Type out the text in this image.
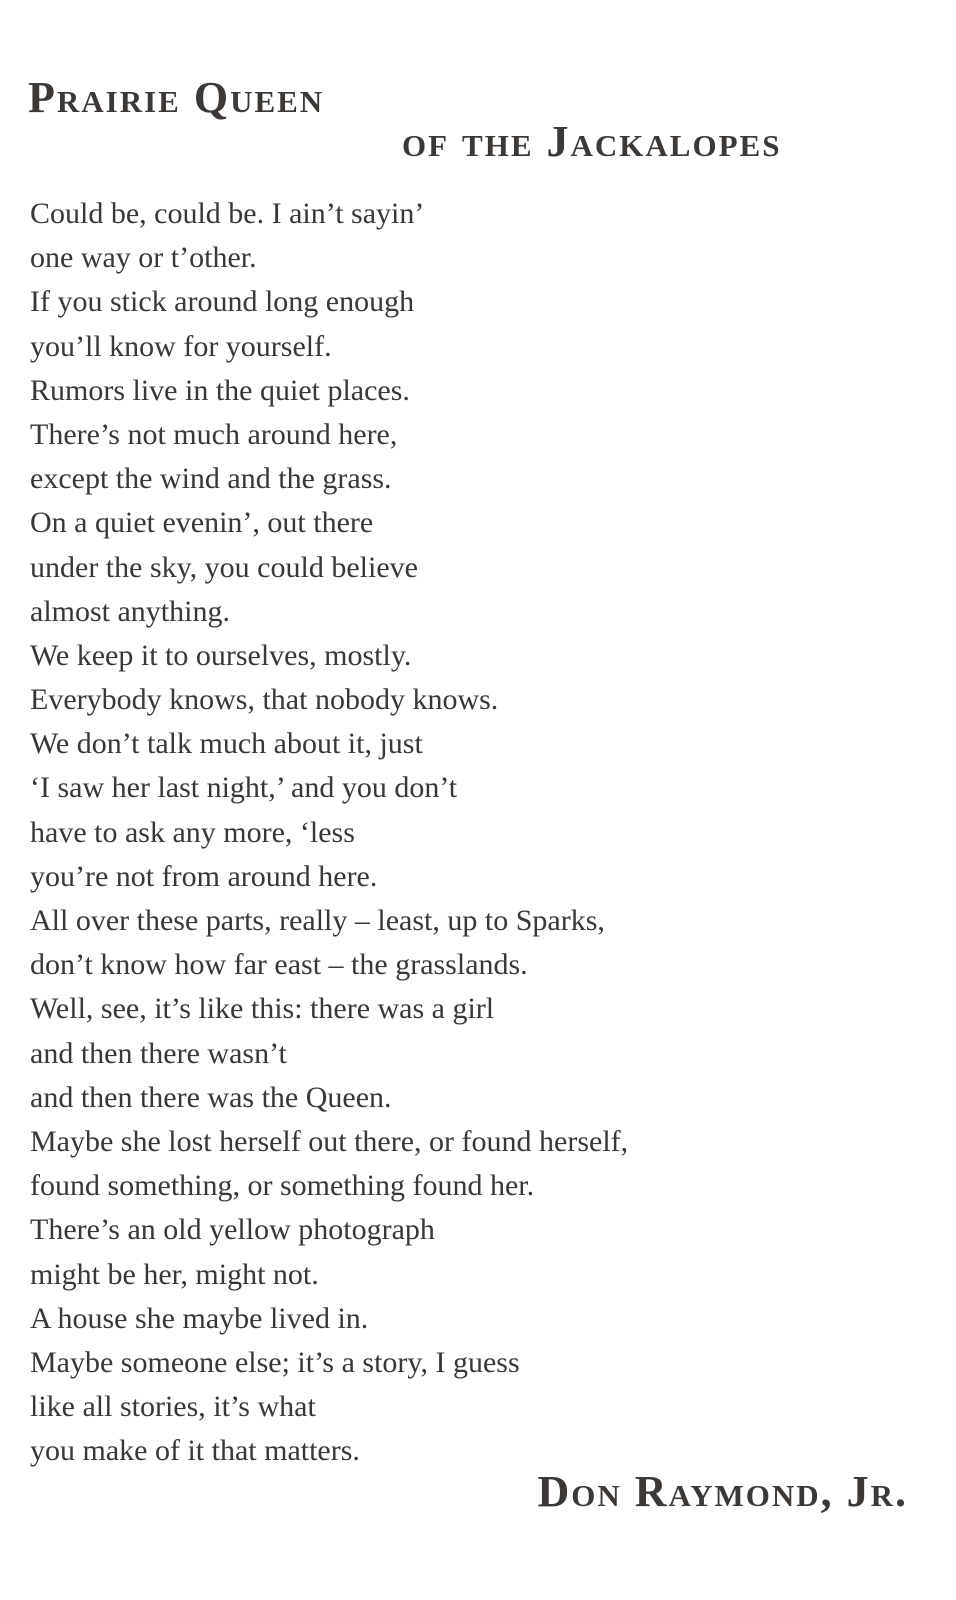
Prairie Queen
of the Jackalopes
Could be, could be. I ain’t sayin’
one way or t’other.
If you stick around long enough
you’ll know for yourself.
Rumors live in the quiet places.
There’s not much around here,
except the wind and the grass.
On a quiet evenin’, out there
under the sky, you could believe
almost anything.
We keep it to ourselves, mostly.
Everybody knows, that nobody knows.
We don’t talk much about it, just
‘I saw her last night,’ and you don’t
have to ask any more, ‘less
you’re not from around here.
All over these parts, really – least, up to Sparks,
don’t know how far east – the grasslands.
Well, see, it’s like this: there was a girl
and then there wasn’t
and then there was the Queen.
Maybe she lost herself out there, or found herself,
found something, or something found her.
There’s an old yellow photograph
might be her, might not.
A house she maybe lived in.
Maybe someone else; it’s a story, I guess
like all stories, it’s what
you make of it that matters.
Don Raymond, Jr.
